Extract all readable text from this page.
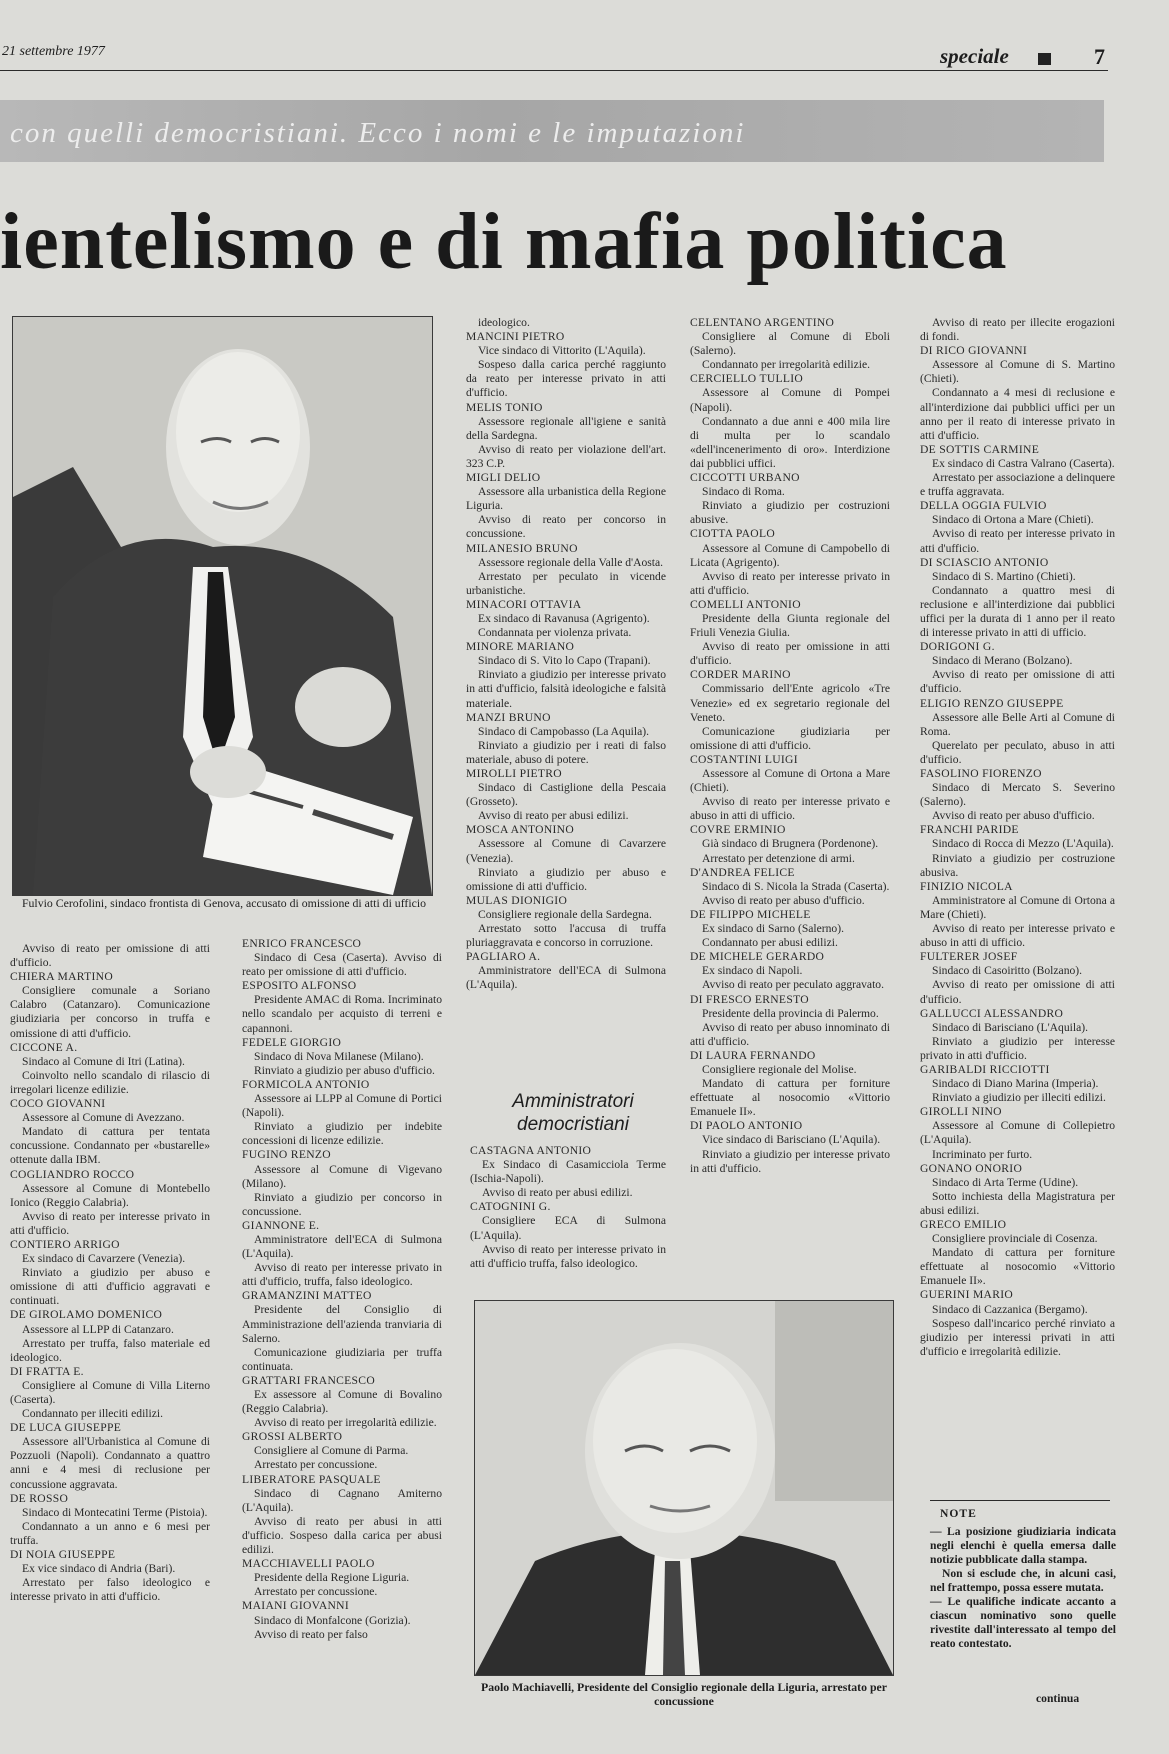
21 settembre 1977	speciale	7
con quelli democristiani. Ecco i nomi e le imputazioni
ientelismo e di mafia politica
Fulvio Cerofolini, sindaco frontista di Genova, accusato di omissione di atti di ufficio

Avviso di reato per omissione di atti d'ufficio.

CHIERA MARTINO

Consigliere comunale a Soriano Calabro (Catanzaro). Comunicazione giudiziaria per concorso in truffa e omissione di atti d'ufficio.

CICCONE A.

Sindaco al Comune di Itri (Latina).

Coinvolto nello scandalo di rilascio di irregolari licenze edilizie.

COCO GIOVANNI

Assessore al Comune di Avezzano.

Mandato di cattura per tentata concussione. Condannato per «bustarelle» ottenute dalla IBM.

COGLIANDRO ROCCO

Assessore al Comune di Montebello Ionico (Reggio Calabria).

Avviso di reato per interesse privato in atti d'ufficio.

CONTIERO ARRIGO

Ex sindaco di Cavarzere (Venezia).

Rinviato a giudizio per abuso e omissione di atti d'ufficio aggravati e continuati.

DE GIROLAMO DOMENICO

Assessore al LLPP di Catanzaro.

Arrestato per truffa, falso materiale ed ideologico.

DI FRATTA E.

Consigliere al Comune di Villa Literno (Caserta).

Condannato per illeciti edilizi.

DE LUCA GIUSEPPE

Assessore all'Urbanistica al Comune di Pozzuoli (Napoli). Condannato a quattro anni e 4 mesi di reclusione per concussione aggravata.

DE ROSSO

Sindaco di Montecatini Terme (Pistoia).

Condannato a un anno e 6 mesi per truffa.

DI NOIA GIUSEPPE

Ex vice sindaco di Andria (Bari).

Arrestato per falso ideologico e interesse privato in atti d'ufficio.

ENRICO FRANCESCO

Sindaco di Cesa (Caserta). Avviso di reato per omissione di atti d'ufficio.

ESPOSITO ALFONSO

Presidente AMAC di Roma. Incriminato nello scandalo per acquisto di terreni e capannoni.

FEDELE GIORGIO

Sindaco di Nova Milanese (Milano).

Rinviato a giudizio per abuso d'ufficio.

FORMICOLA ANTONIO

Assessore ai LLPP al Comune di Portici (Napoli).

Rinviato a giudizio per indebite concessioni di licenze edilizie.

FUGINO RENZO

Assessore al Comune di Vigevano (Milano).

Rinviato a giudizio per concorso in concussione.

GIANNONE E.

Amministratore dell'ECA di Sulmona (L'Aquila).

Avviso di reato per interesse privato in atti d'ufficio, truffa, falso ideologico.

GRAMANZINI MATTEO

Presidente del Consiglio di Amministrazione dell'azienda tranviaria di Salerno.

Comunicazione giudiziaria per truffa continuata.

GRATTARI FRANCESCO

Ex assessore al Comune di Bovalino (Reggio Calabria).

Avviso di reato per irregolarità edilizie.

GROSSI ALBERTO

Consigliere al Comune di Parma.

Arrestato per concussione.

LIBERATORE PASQUALE

Sindaco di Cagnano Amiterno (L'Aquila).

Avviso di reato per abusi in atti d'ufficio. Sospeso dalla carica per abusi edilizi.

MACCHIAVELLI PAOLO

Presidente della Regione Liguria.

Arrestato per concussione.

MAIANI GIOVANNI

Sindaco di Monfalcone (Gorizia).

Avviso di reato per falso

ideologico.

MANCINI PIETRO

Vice sindaco di Vittorito (L'Aquila).

Sospeso dalla carica perché raggiunto da reato per interesse privato in atti d'ufficio.

MELIS TONIO

Assessore regionale all'igiene e sanità della Sardegna.

Avviso di reato per violazione dell'art. 323 C.P.

MIGLI DELIO

Assessore alla urbanistica della Regione Liguria.

Avviso di reato per concorso in concussione.

MILANESIO BRUNO

Assessore regionale della Valle d'Aosta.

Arrestato per peculato in vicende urbanistiche.

MINACORI OTTAVIA

Ex sindaco di Ravanusa (Agrigento).

Condannata per violenza privata.

MINORE MARIANO

Sindaco di S. Vito lo Capo (Trapani).

Rinviato a giudizio per interesse privato in atti d'ufficio, falsità ideologiche e falsità materiale.

MANZI BRUNO

Sindaco di Campobasso (La Aquila).

Rinviato a giudizio per i reati di falso materiale, abuso di potere.

MIROLLI PIETRO

Sindaco di Castiglione della Pescaia (Grosseto).

Avviso di reato per abusi edilizi.

MOSCA ANTONINO

Assessore al Comune di Cavarzere (Venezia).

Rinviato a giudizio per abuso e omissione di atti d'ufficio.

MULAS DIONIGIO

Consigliere regionale della Sardegna.

Arrestato sotto l'accusa di truffa pluriaggravata e concorso in corruzione.

PAGLIARO A.

Amministratore dell'ECA di Sulmona (L'Aquila).

Amministratori democristiani

CASTAGNA ANTONIO

Ex Sindaco di Casamicciola Terme (Ischia-Napoli).

Avviso di reato per abusi edilizi.

CATOGNINI G.

Consigliere ECA di Sulmona (L'Aquila).

Avviso di reato per interesse privato in atti d'ufficio truffa, falso ideologico.

CELENTANO ARGENTINO

Consigliere al Comune di Eboli (Salerno).

Condannato per irregolarità edilizie.

CERCIELLO TULLIO

Assessore al Comune di Pompei (Napoli).

Condannato a due anni e 400 mila lire di multa per lo scandalo «dell'incenerimento di oro». Interdizione dai pubblici uffici.

CICCOTTI URBANO

Sindaco di Roma.

Rinviato a giudizio per costruzioni abusive.

CIOTTA PAOLO

Assessore al Comune di Campobello di Licata (Agrigento).

Avviso di reato per interesse privato in atti d'ufficio.

COMELLI ANTONIO

Presidente della Giunta regionale del Friuli Venezia Giulia.

Avviso di reato per omissione in atti d'ufficio.

CORDER MARINO

Commissario dell'Ente agricolo «Tre Venezie» ed ex segretario regionale del Veneto.

Comunicazione giudiziaria per omissione di atti d'ufficio.

COSTANTINI LUIGI

Assessore al Comune di Ortona a Mare (Chieti).

Avviso di reato per interesse privato e abuso in atti di ufficio.

COVRE ERMINIO

Già sindaco di Brugnera (Pordenone).

Arrestato per detenzione di armi.

D'ANDREA FELICE

Sindaco di S. Nicola la Strada (Caserta).

Avviso di reato per abuso d'ufficio.

DE FILIPPO MICHELE

Ex sindaco di Sarno (Salerno).

Condannato per abusi edilizi.

DE MICHELE GERARDO

Ex sindaco di Napoli.

Avviso di reato per peculato aggravato.

DI FRESCO ERNESTO

Presidente della provincia di Palermo.

Avviso di reato per abuso innominato di atti d'ufficio.

DI LAURA FERNANDO

Consigliere regionale del Molise.

Mandato di cattura per forniture effettuate al nosocomio «Vittorio Emanuele II».

DI PAOLO ANTONIO

Vice sindaco di Barisciano (L'Aquila).

Rinviato a giudizio per interesse privato in atti d'ufficio.

Avviso di reato per illecite erogazioni di fondi.

DI RICO GIOVANNI

Assessore al Comune di S. Martino (Chieti).

Condannato a 4 mesi di reclusione e all'interdizione dai pubblici uffici per un anno per il reato di interesse privato in atti d'ufficio.

DE SOTTIS CARMINE

Ex sindaco di Castra Valrano (Caserta).

Arrestato per associazione a delinquere e truffa aggravata.

DELLA OGGIA FULVIO

Sindaco di Ortona a Mare (Chieti).

Avviso di reato per interesse privato in atti d'ufficio.

DI SCIASCIO ANTONIO

Sindaco di S. Martino (Chieti).

Condannato a quattro mesi di reclusione e all'interdizione dai pubblici uffici per la durata di 1 anno per il reato di interesse privato in atti di ufficio.

DORIGONI G.

Sindaco di Merano (Bolzano).

Avviso di reato per omissione di atti d'ufficio.

ELIGIO RENZO GIUSEPPE

Assessore alle Belle Arti al Comune di Roma.

Querelato per peculato, abuso in atti d'ufficio.

FASOLINO FIORENZO

Sindaco di Mercato S. Severino (Salerno).

Avviso di reato per abuso d'ufficio.

FRANCHI PARIDE

Sindaco di Rocca di Mezzo (L'Aquila).

Rinviato a giudizio per costruzione abusiva.

FINIZIO NICOLA

Amministratore al Comune di Ortona a Mare (Chieti).

Avviso di reato per interesse privato e abuso in atti di ufficio.

FULTERER JOSEF

Sindaco di Casoiritto (Bolzano).

Avviso di reato per omissione di atti d'ufficio.

GALLUCCI ALESSANDRO

Sindaco di Barisciano (L'Aquila).

Rinviato a giudizio per interesse privato in atti d'ufficio.

GARIBALDI RICCIOTTI

Sindaco di Diano Marina (Imperia).

Rinviato a giudizio per illeciti edilizi.

GIROLLI NINO

Assessore al Comune di Collepietro (L'Aquila).

Incriminato per furto.

GONANO ONORIO

Sindaco di Arta Terme (Udine).

Sotto inchiesta della Magistratura per abusi edilizi.

GRECO EMILIO

Consigliere provinciale di Cosenza.

Mandato di cattura per forniture effettuate al nosocomio «Vittorio Emanuele II».

GUERINI MARIO

Sindaco di Cazzanica (Bergamo).

Sospeso dall'incarico perché rinviato a giudizio per interessi privati in atti d'ufficio e irregolarità edilizie.

Paolo Machiavelli, Presidente del Consiglio regionale della Liguria, arrestato per concussione
NOTE

— La posizione giudiziaria indicata negli elenchi è quella emersa dalle notizie pubblicate dalla stampa.

Non si esclude che, in alcuni casi, nel frattempo, possa essere mutata.

— Le qualifiche indicate accanto a ciascun nominativo sono quelle rivestite dall'interessato al tempo del reato contestato.

continua
